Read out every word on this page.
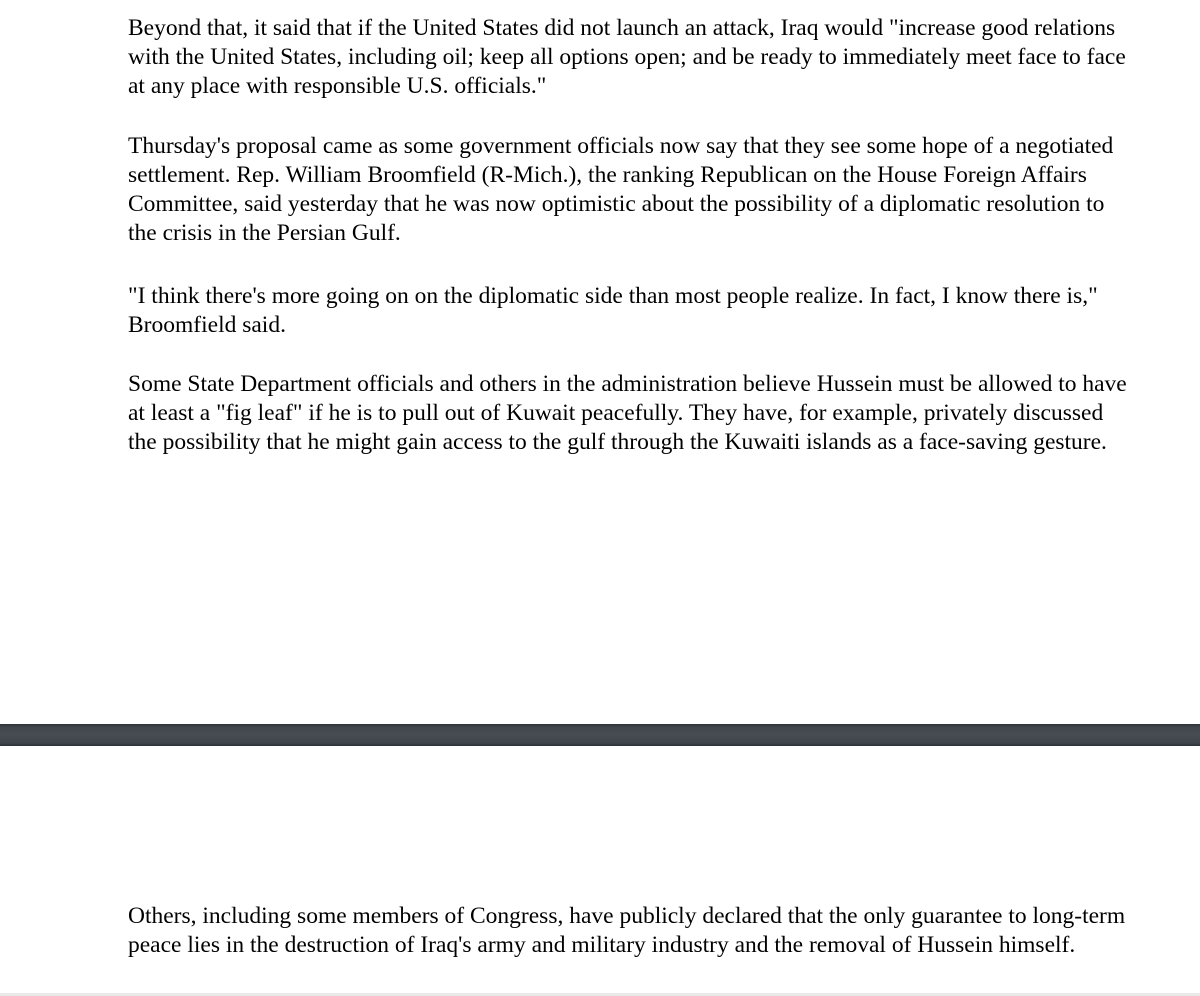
Beyond that, it said that if the United States did not launch an attack, Iraq would "increase good relations with the United States, including oil; keep all options open; and be ready to immediately meet face to face at any place with responsible U.S. officials."

Thursday's proposal came as some government officials now say that they see some hope of a negotiated settlement. Rep. William Broomfield (R-Mich.), the ranking Republican on the House Foreign Affairs Committee, said yesterday that he was now optimistic about the possibility of a diplomatic resolution to the crisis in the Persian Gulf.

"I think there's more going on on the diplomatic side than most people realize. In fact, I know there is," Broomfield said.

Some State Department officials and others in the administration believe Hussein must be allowed to have at least a "fig leaf" if he is to pull out of Kuwait peacefully. They have, for example, privately discussed the possibility that he might gain access to the gulf through the Kuwaiti islands as a face-saving gesture.

Others, including some members of Congress, have publicly declared that the only guarantee to long-term peace lies in the destruction of Iraq's army and military industry and the removal of Hussein himself.
